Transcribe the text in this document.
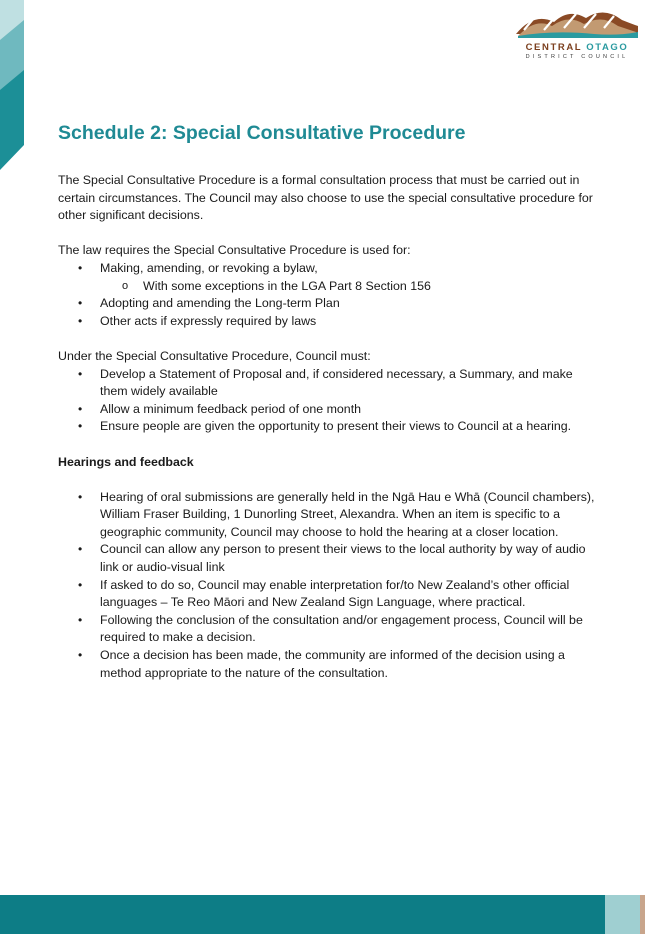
CENTRAL OTAGO
DISTRICT COUNCIL
Schedule 2: Special Consultative Procedure

The Special Consultative Procedure is a formal consultation process that must be carried out in certain circumstances. The Council may also choose to use the special consultative procedure for other significant decisions.

The law requires the Special Consultative Procedure is used for:

• Making, amending, or revoking a bylaw,
o With some exceptions in the LGA Part 8 Section 156
• Adopting and amending the Long-term Plan
• Other acts if expressly required by laws

Under the Special Consultative Procedure, Council must:

• Develop a Statement of Proposal and, if considered necessary, a Summary, and make them widely available
• Allow a minimum feedback period of one month
• Ensure people are given the opportunity to present their views to Council at a hearing.
Hearings and feedback
• Hearing of oral submissions are generally held in the Ngā Hau e Whā (Council chambers), William Fraser Building, 1 Dunorling Street, Alexandra. When an item is specific to a geographic community, Council may choose to hold the hearing at a closer location.
• Council can allow any person to present their views to the local authority by way of audio link or audio-visual link
• If asked to do so, Council may enable interpretation for/to New Zealand’s other official languages – Te Reo Māori and New Zealand Sign Language, where practical.
• Following the conclusion of the consultation and/or engagement process, Council will be required to make a decision.
• Once a decision has been made, the community are informed of the decision using a method appropriate to the nature of the consultation.
